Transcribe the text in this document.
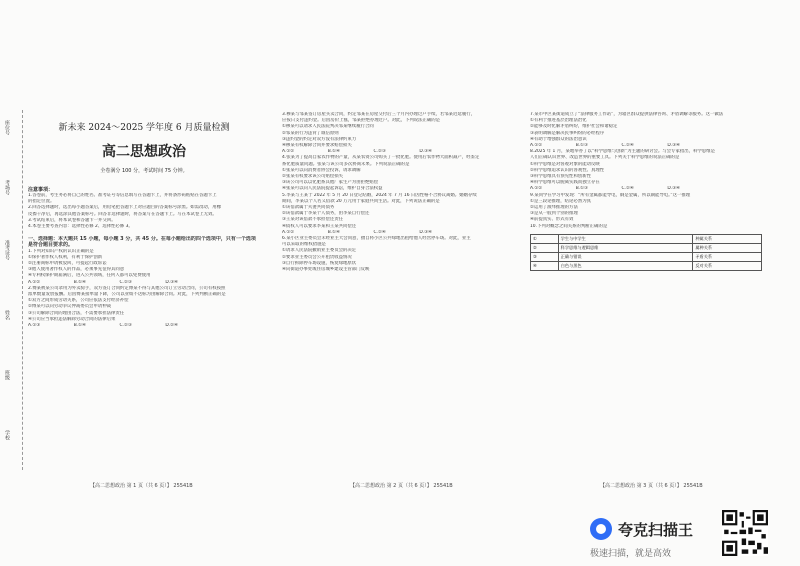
座位号
考场号
准考证号
姓名
班级
学校
新未来 2024～2025 学年度 6 月质量检测
高二思想政治
全卷满分 100 分，考试时间 75 分钟。
注意事项：
1.答卷前，考生务必将自己的姓名、准考证号等信息填写在答题卡上，并将条形码粘贴在答题卡上
的指定位置。
2.回答选择题时，选出每小题答案后，用铅笔把答题卡上对应题目的答案标号涂黑。如需改动，用橡
皮擦干净后，再选涂其他答案标号。回答非选择题时，将答案写在答题卡上。写在本试卷上无效。
3.考试结束后，将本试卷和答题卡一并交回。
4.本卷主要考查内容：选择性必修 2、选择性必修 3。
一、选择题：本大题共 15 小题，每小题 3 分，共 45 分。在每小题给出的四个选项中，只有一个选项是符合题目要求的。
1.下列对知识产权的认识正确的是
①保护著作权人权利，有利于保护创新
②注册商标申请被驳回，可提起行政诉讼
③他人使用著作权人的作品，必须事先征得其同意
④专利权保护期届满后，进入公共领域，任何人都可以免费使用
A.①②	B.①④	C.②③	D.③④
2.傅某被某公司录用为外卖骑手，双方签订合同约定傅某不得与其他公司订立劳动合同，公司有权按照
派单数量发放报酬。后因傅某接单量下降，公司以业绩不达标为由解除合同。对此，下列判断正确的是
①双方之间形成劳动关系，公司应依法支付经济补偿
②傅某可以向劳动争议仲裁委员会申请仲裁
③公司解除合同的理由合法，不需要承担法律责任
④公司应当承担违法解除劳动合同的法律后果
A.①③	B.①④	C.②③	D.②④
【高二思想政治 第 1 页（共 6 页）】 25541B
3.穆某与邹某签订房屋买卖合同，约定邹某在房屋交付后三个月内办理过户手续，若邹某迟延履行，
应按日支付违约金。后因房价上涨，邹某拒绝办理过户。对此，下列说法正确的是
①穆某可以请求人民法院判决邹某继续履行合同
②邹某的行为违背了诚信原则
③违约金的约定对双方没有法律约束力
④穆某有权解除合同并要求赔偿损失
A.①②	B.①④	C.②③	D.③④
4.张某为了提高自家农作物的产量，从某农资公司购买了一批化肥。使用后农作物大面积减产，经鉴定
系化肥质量问题。张某与该公司多次协商未果。下列说法正确的是
①张某可以向消费者协会投诉，请求调解
②张某有权要求该公司赔偿损失
③该公司可以以化肥系其他厂家生产为由拒绝赔偿
④张某可以向人民法院提起诉讼，维护自身合法权益
5.李某与王某于 2022 年 5 月 20 日登记结婚，2024 年 7 月 16 日因性格不合协议离婚。婚姻存续
期间，李某以个人名义借款 20 万元用于家庭共同生活。对此，下列说法正确的是
①该借款属于夫妻共同债务
②该借款属于李某个人债务，由李某自行偿还
③王某对该借款不承担偿还责任
④债权人可以要求李某和王某共同偿还
A.①②	B.①④	C.②④	D.③④
6.某小区业主委员会未经业主大会同意，擅自将小区公共绿地出租给他人经营停车场。对此，业主
可以采取的维权措施是
①请求人民法院撤销业主委员会的决定
②要求业主委员会公开租赁收益情况
③自行拆除停车场设施，恢复绿地原状
④向街道办事处或住房城乡建设主管部门反映
【高二思想政治 第 2 页（共 6 页）】 25541B
7.某市甲区某街道成立了“法律服务工作站”，为辖区群众提供法律咨询、矛盾调解等服务。这一做法
①有利于推进基层治理法治化
②能够及时化解矛盾纠纷，维护社会和谐稳定
③表明调解是解决民事纠纷的必经程序
④有助于增强群众的法治意识
A.①②	B.①③	C.②④	D.③④
8.2025 年 1 月，某地举办了以“科学思维与创新”为主题的研讨会。与会专家指出，科学思维是
人们正确认识世界、改造世界的重要工具。下列关于科学思维的说法正确的是
①科学思维是对客观对象的能动反映
②科学思维追求认识的客观性、真理性
③科学思维具有预见性和创新性
④科学思维可以脱离实践而独立存在
A.①②	B.①③	C.②④	D.③④
9.某同学在学习中发现：“所有金属都能导电，铜是金属，所以铜能导电。”这一推理
①是三段论推理，结论必然为真
②运用了演绎推理的方法
③是从一般到个别的推理
④前提真实、形式有效
10.下列对概念之间关系的判断正确的是
①	学生与中学生	种属关系
②	科学思维与逻辑思维	属种关系
③	正确与错误	矛盾关系
④	白色与黑色	反对关系
【高二思想政治 第 3 页（共 6 页）】 25541B
夸克扫描王
极速扫描，就是高效
